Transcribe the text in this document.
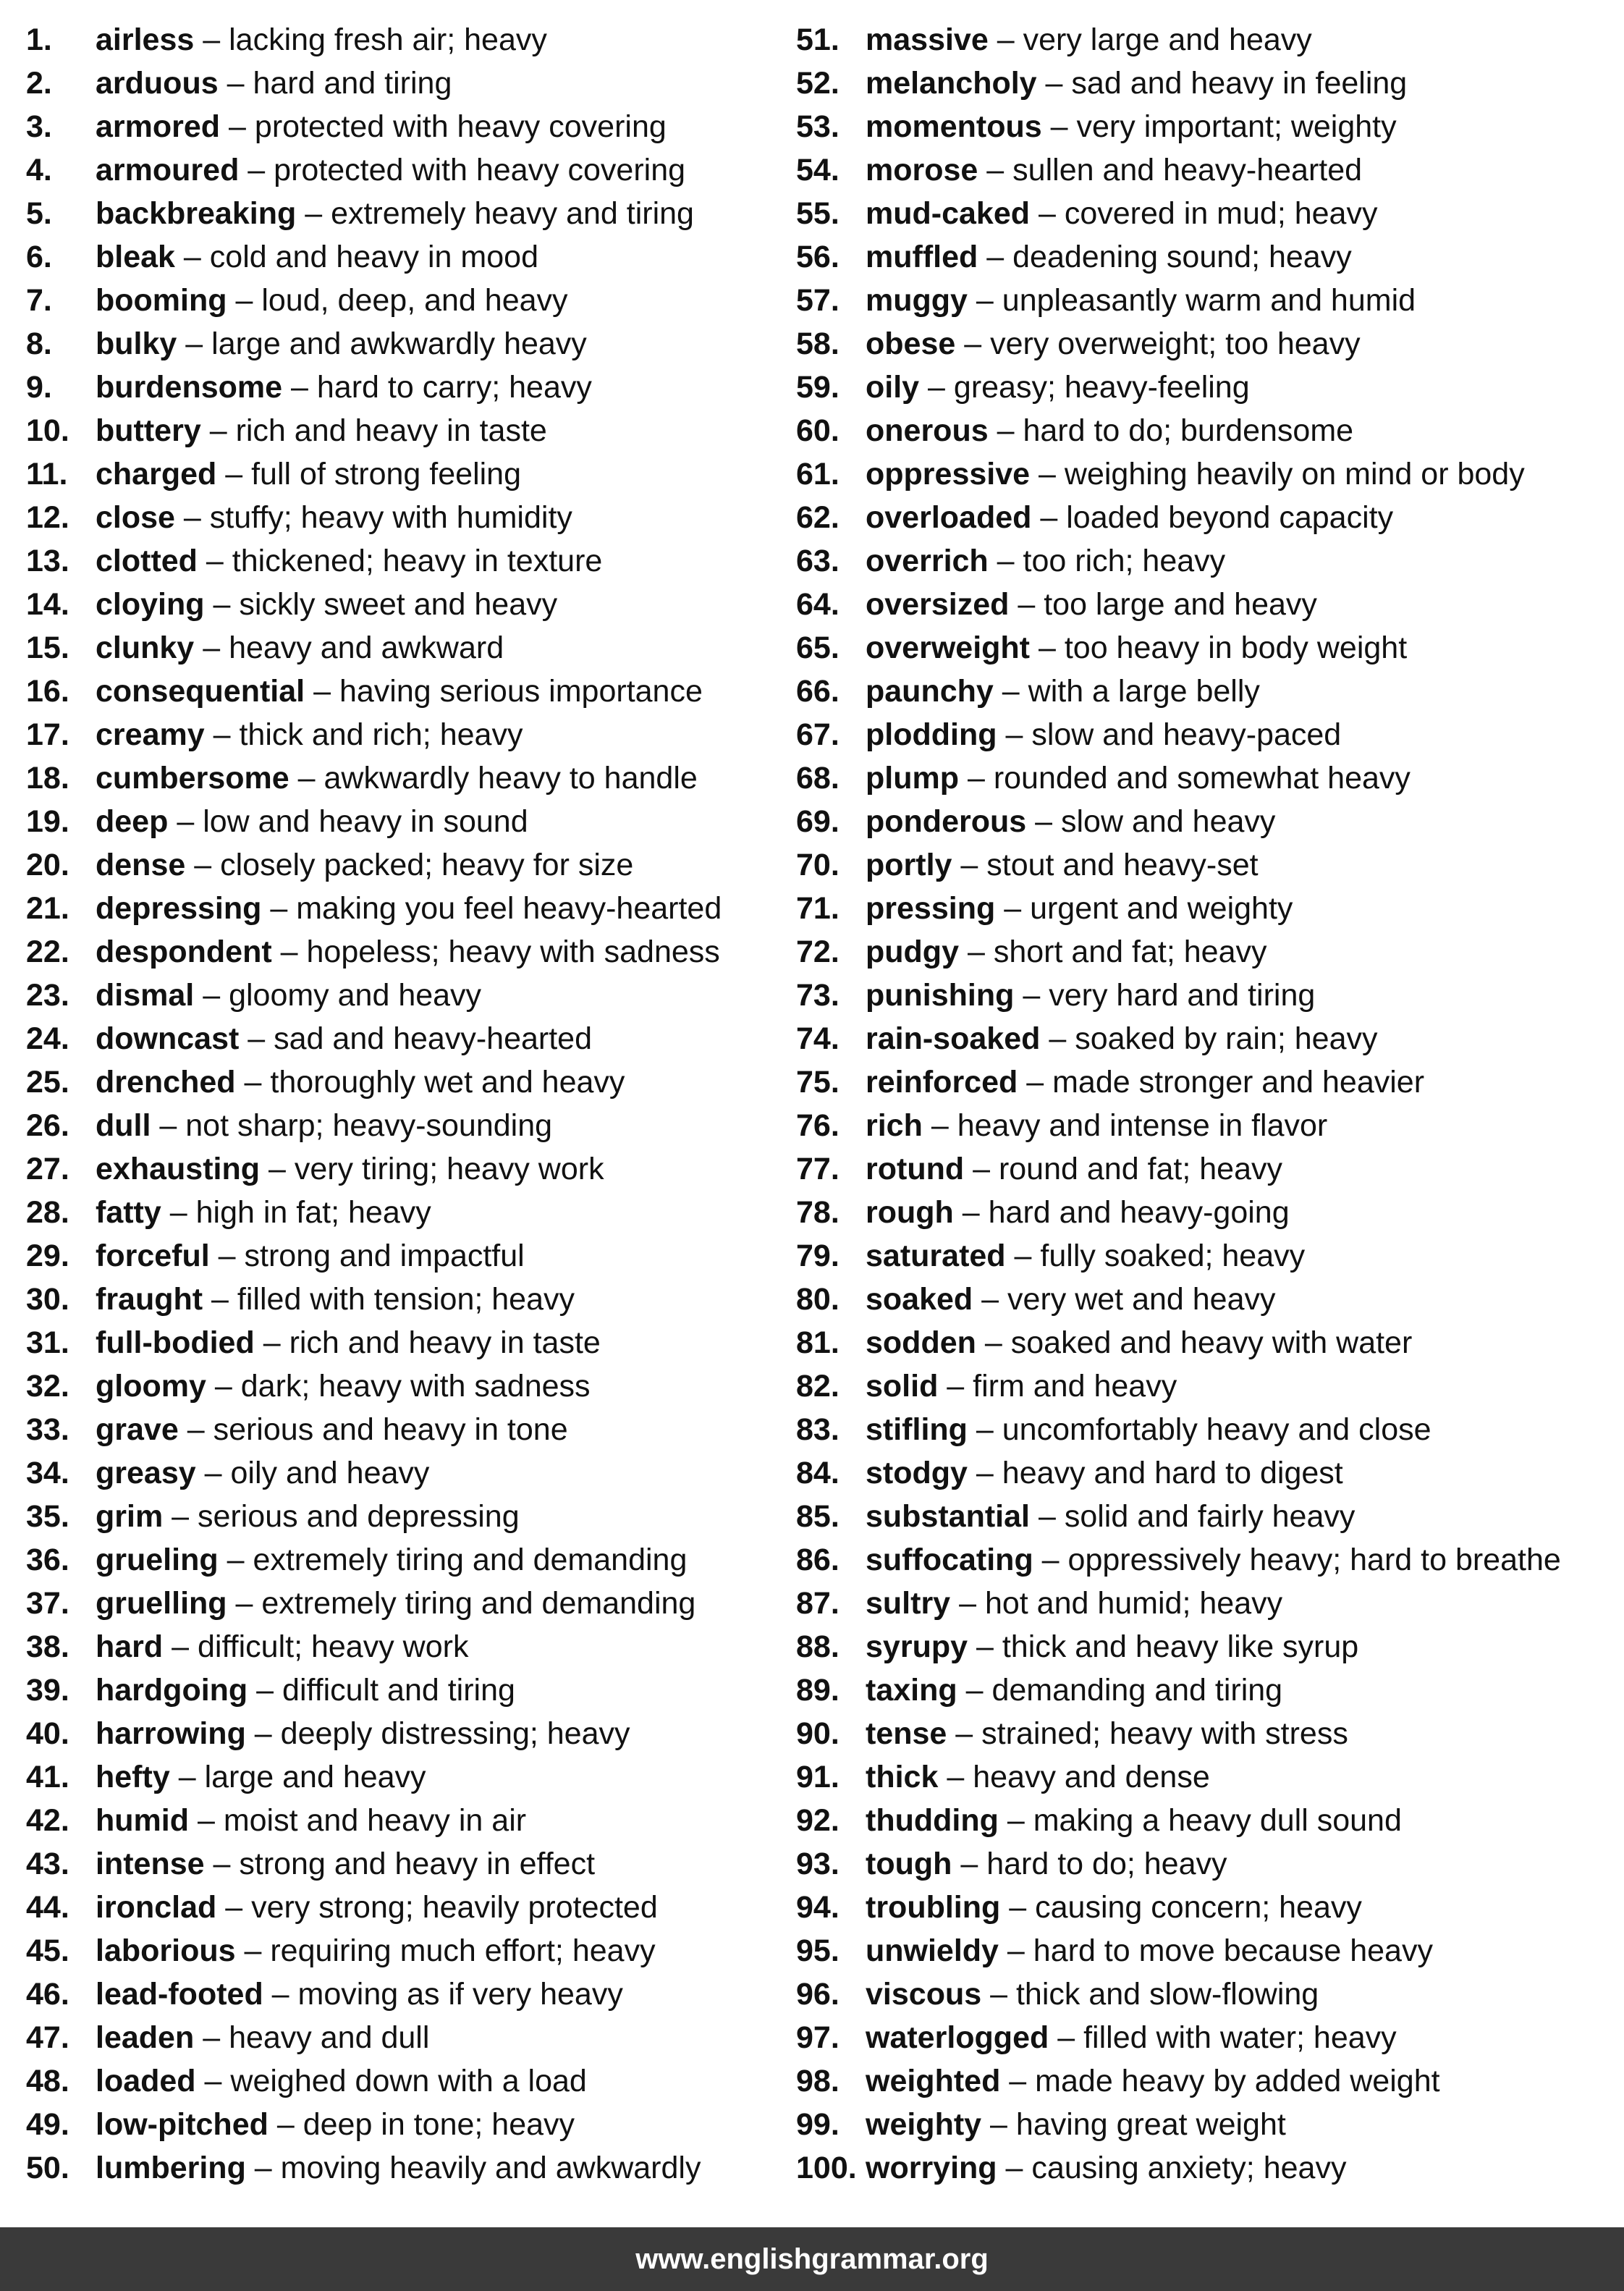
1. airless – lacking fresh air; heavy
2. arduous – hard and tiring
3. armored – protected with heavy covering
4. armoured – protected with heavy covering
5. backbreaking – extremely heavy and tiring
6. bleak – cold and heavy in mood
7. booming – loud, deep, and heavy
8. bulky – large and awkwardly heavy
9. burdensome – hard to carry; heavy
10. buttery – rich and heavy in taste
11. charged – full of strong feeling
12. close – stuffy; heavy with humidity
13. clotted – thickened; heavy in texture
14. cloying – sickly sweet and heavy
15. clunky – heavy and awkward
16. consequential – having serious importance
17. creamy – thick and rich; heavy
18. cumbersome – awkwardly heavy to handle
19. deep – low and heavy in sound
20. dense – closely packed; heavy for size
21. depressing – making you feel heavy-hearted
22. despondent – hopeless; heavy with sadness
23. dismal – gloomy and heavy
24. downcast – sad and heavy-hearted
25. drenched – thoroughly wet and heavy
26. dull – not sharp; heavy-sounding
27. exhausting – very tiring; heavy work
28. fatty – high in fat; heavy
29. forceful – strong and impactful
30. fraught – filled with tension; heavy
31. full-bodied – rich and heavy in taste
32. gloomy – dark; heavy with sadness
33. grave – serious and heavy in tone
34. greasy – oily and heavy
35. grim – serious and depressing
36. grueling – extremely tiring and demanding
37. gruelling – extremely tiring and demanding
38. hard – difficult; heavy work
39. hardgoing – difficult and tiring
40. harrowing – deeply distressing; heavy
41. hefty – large and heavy
42. humid – moist and heavy in air
43. intense – strong and heavy in effect
44. ironclad – very strong; heavily protected
45. laborious – requiring much effort; heavy
46. lead-footed – moving as if very heavy
47. leaden – heavy and dull
48. loaded – weighed down with a load
49. low-pitched – deep in tone; heavy
50. lumbering – moving heavily and awkwardly
51. massive – very large and heavy
52. melancholy – sad and heavy in feeling
53. momentous – very important; weighty
54. morose – sullen and heavy-hearted
55. mud-caked – covered in mud; heavy
56. muffled – deadening sound; heavy
57. muggy – unpleasantly warm and humid
58. obese – very overweight; too heavy
59. oily – greasy; heavy-feeling
60. onerous – hard to do; burdensome
61. oppressive – weighing heavily on mind or body
62. overloaded – loaded beyond capacity
63. overrich – too rich; heavy
64. oversized – too large and heavy
65. overweight – too heavy in body weight
66. paunchy – with a large belly
67. plodding – slow and heavy-paced
68. plump – rounded and somewhat heavy
69. ponderous – slow and heavy
70. portly – stout and heavy-set
71. pressing – urgent and weighty
72. pudgy – short and fat; heavy
73. punishing – very hard and tiring
74. rain-soaked – soaked by rain; heavy
75. reinforced – made stronger and heavier
76. rich – heavy and intense in flavor
77. rotund – round and fat; heavy
78. rough – hard and heavy-going
79. saturated – fully soaked; heavy
80. soaked – very wet and heavy
81. sodden – soaked and heavy with water
82. solid – firm and heavy
83. stifling – uncomfortably heavy and close
84. stodgy – heavy and hard to digest
85. substantial – solid and fairly heavy
86. suffocating – oppressively heavy; hard to breathe
87. sultry – hot and humid; heavy
88. syrupy – thick and heavy like syrup
89. taxing – demanding and tiring
90. tense – strained; heavy with stress
91. thick – heavy and dense
92. thudding – making a heavy dull sound
93. tough – hard to do; heavy
94. troubling – causing concern; heavy
95. unwieldy – hard to move because heavy
96. viscous – thick and slow-flowing
97. waterlogged – filled with water; heavy
98. weighted – made heavy by added weight
99. weighty – having great weight
100. worrying – causing anxiety; heavy
www.englishgrammar.org
